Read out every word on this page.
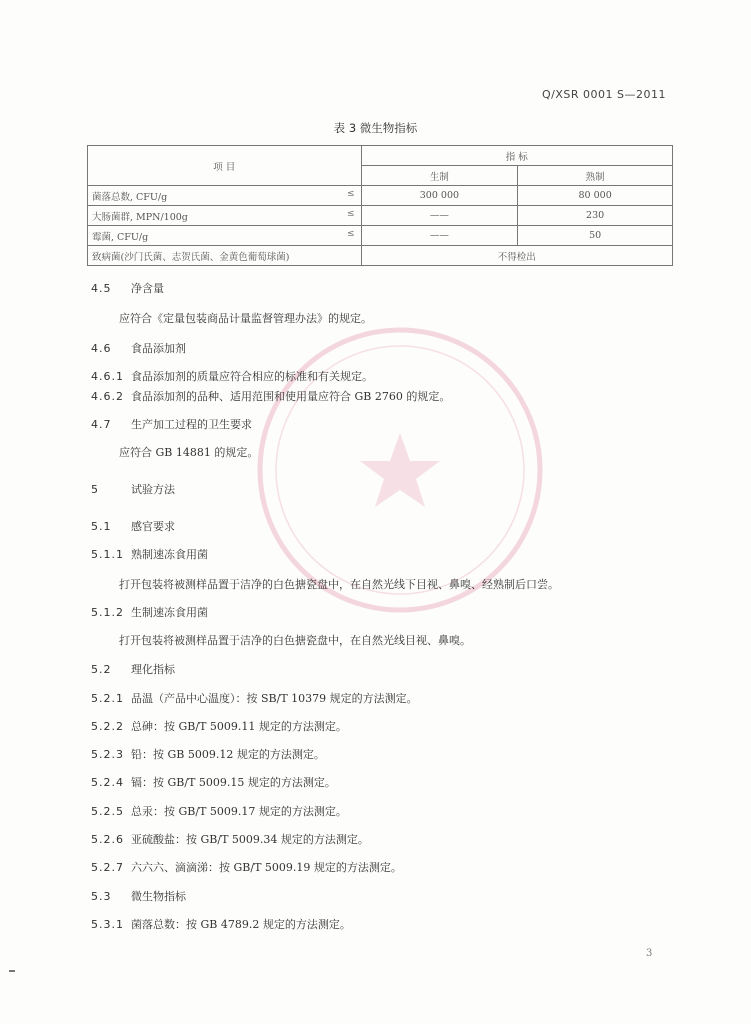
Q/XSR 0001 S—2011
表 3 微生物指标
项 目	指 标	
	生制	熟制
菌落总数, CFU/g ≤	300 000	80 000
大肠菌群, MPN/100g ≤	——	230
霉菌, CFU/g ≤	——	50
致病菌(沙门氏菌、志贺氏菌、金黄色葡萄球菌)	不得检出	
4.5 净含量
应符合《定量包装商品计量监督管理办法》的规定。
4.6 食品添加剂
4.6.1 食品添加剂的质量应符合相应的标准和有关规定。
4.6.2 食品添加剂的品种、适用范围和使用量应符合 GB 2760 的规定。
4.7 生产加工过程的卫生要求
应符合 GB 14881 的规定。
5	试验方法
5.1 感官要求
5.1.1 熟制速冻食用菌
打开包装将被测样品置于洁净的白色搪瓷盘中，在自然光线下目视、鼻嗅、经熟制后口尝。
5.1.2 生制速冻食用菌
打开包装将被测样品置于洁净的白色搪瓷盘中，在自然光线目视、鼻嗅。
5.2 理化指标
5.2.1 品温（产品中心温度）：按 SB/T 10379 规定的方法测定。
5.2.2 总砷：按 GB/T 5009.11 规定的方法测定。
5.2.3 铅：按 GB 5009.12 规定的方法测定。
5.2.4 镉：按 GB/T 5009.15 规定的方法测定。
5.2.5 总汞：按 GB/T 5009.17 规定的方法测定。
5.2.6 亚硫酸盐：按 GB/T 5009.34 规定的方法测定。
5.2.7 六六六、滴滴涕：按 GB/T 5009.19 规定的方法测定。
5.3 微生物指标
5.3.1 菌落总数：按 GB 4789.2 规定的方法测定。
3
